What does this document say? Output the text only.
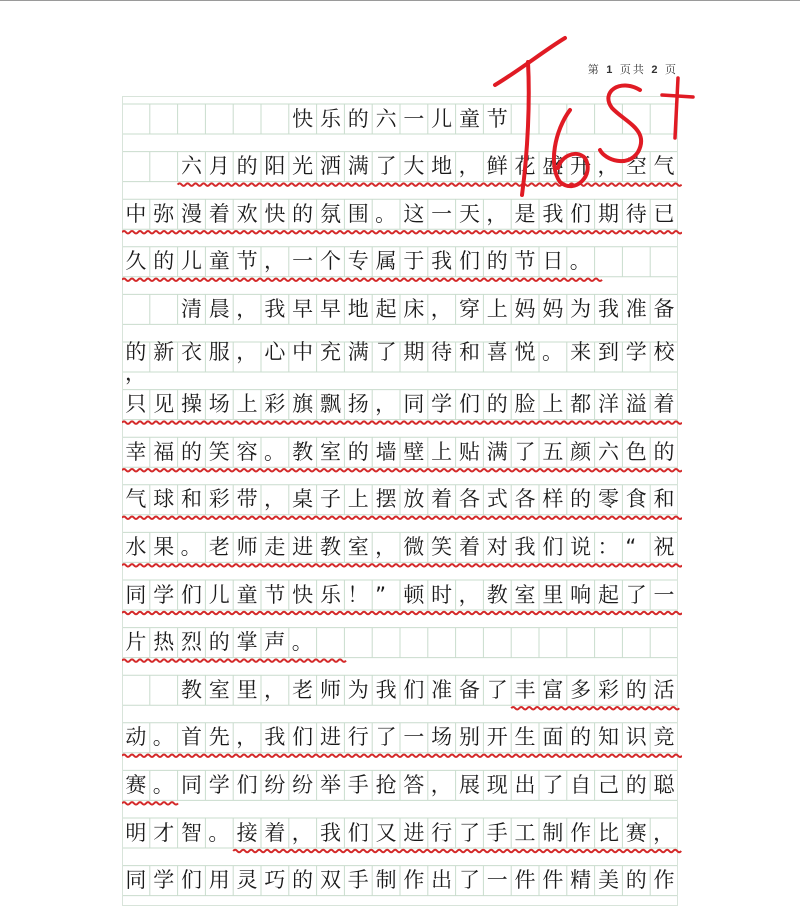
第 1 页共 2 页
快 乐 的 六 一 儿 童 节
六 月 的 阳 光 洒 满 了 大 地 ， 鲜 花 盛 开 ， 空 气
中 弥 漫 着 欢 快 的 氛 围 。 这 一 天 ， 是 我 们 期 待 已
久 的 儿 童 节 ， 一 个 专 属 于 我 们 的 节 日 。
清 晨 ， 我 早 早 地 起 床 ， 穿 上 妈 妈 为 我 准 备
的 新 衣 服 ， 心 中 充 满 了 期 待 和 喜 悦 。 来 到 学 校
，
只 见 操 场 上 彩 旗 飘 扬 ， 同 学 们 的 脸 上 都 洋 溢 着
幸 福 的 笑 容 。 教 室 的 墙 壁 上 贴 满 了 五 颜 六 色 的
气 球 和 彩 带 ， 桌 子 上 摆 放 着 各 式 各 样 的 零 食 和
水 果 。 老 师 走 进 教 室 ， 微 笑 着 对 我 们 说 ： “ 祝
同 学 们 儿 童 节 快 乐 ！ ” 顿 时 ， 教 室 里 响 起 了 一
片 热 烈 的 掌 声 。
教 室 里 ， 老 师 为 我 们 准 备 了 丰 富 多 彩 的 活
动 。 首 先 ， 我 们 进 行 了 一 场 别 开 生 面 的 知 识 竞
赛 。 同 学 们 纷 纷 举 手 抢 答 ， 展 现 出 了 自 己 的 聪
明 才 智 。 接 着 ， 我 们 又 进 行 了 手 工 制 作 比 赛 ，
同 学 们 用 灵 巧 的 双 手 制 作 出 了 一 件 件 精 美 的 作
